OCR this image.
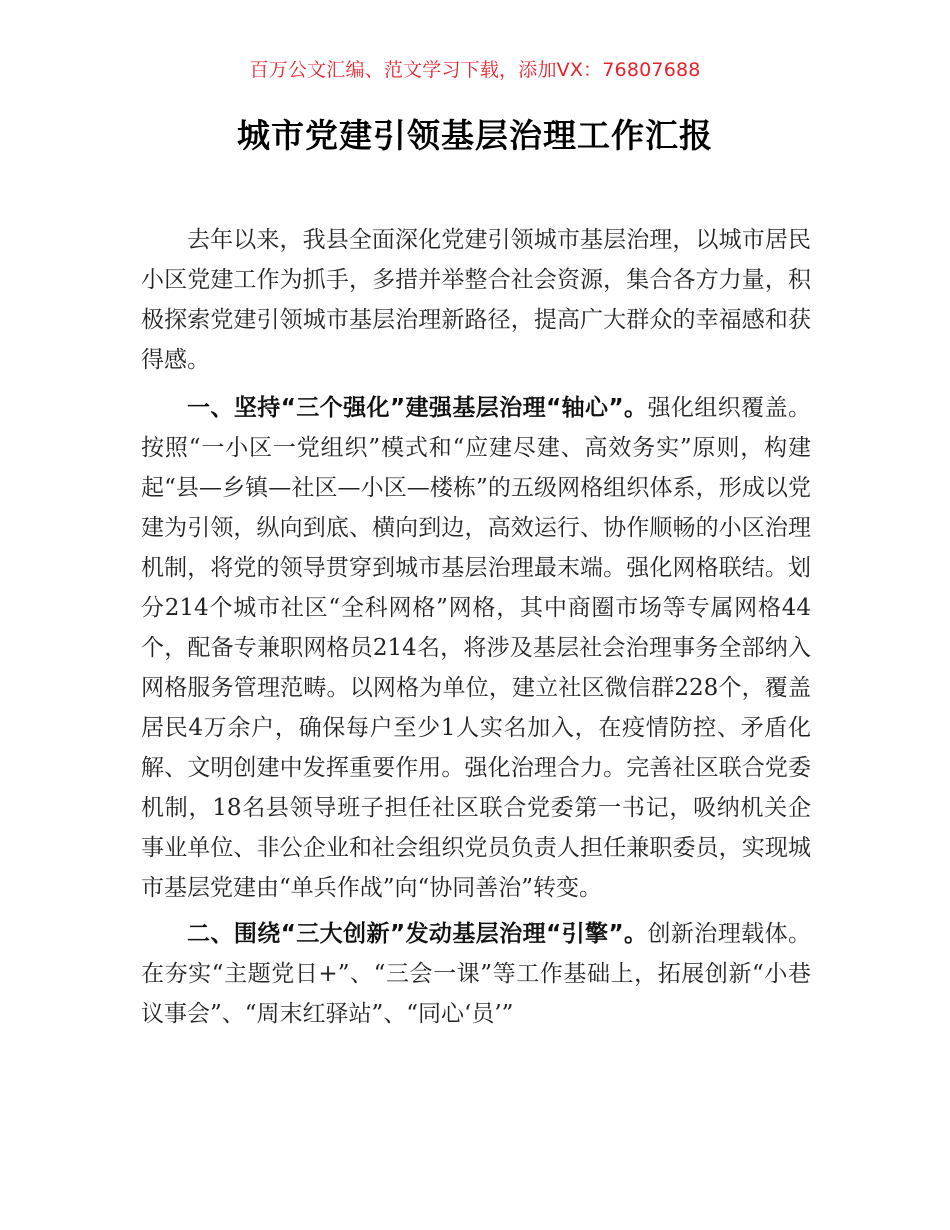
百万公文汇编、范文学习下载，添加VX：76807688
城市党建引领基层治理工作汇报

去年以来，我县全面深化党建引领城市基层治理，以城市居民小区党建工作为抓手，多措并举整合社会资源，集合各方力量，积极探索党建引领城市基层治理新路径，提高广大群众的幸福感和获得感。

一、坚持“三个强化”建强基层治理“轴心”。强化组织覆盖。按照“一小区一党组织”模式和“应建尽建、高效务实”原则，构建起“县—乡镇—社区—小区—楼栋”的五级网格组织体系，形成以党建为引领，纵向到底、横向到边，高效运行、协作顺畅的小区治理机制，将党的领导贯穿到城市基层治理最末端。强化网格联结。划分214个城市社区“全科网格”网格，其中商圈市场等专属网格44个，配备专兼职网格员214名，将涉及基层社会治理事务全部纳入网格服务管理范畴。以网格为单位，建立社区微信群228个，覆盖居民4万余户，确保每户至少1人实名加入，在疫情防控、矛盾化解、文明创建中发挥重要作用。强化治理合力。完善社区联合党委机制，18名县领导班子担任社区联合党委第一书记，吸纳机关企事业单位、非公企业和社会组织党员负责人担任兼职委员，实现城市基层党建由“单兵作战”向“协同善治”转变。

二、围绕“三大创新”发动基层治理“引擎”。创新治理载体。在夯实“主题党日+”、“三会一课”等工作基础上，拓展创新“小巷议事会”、“周末红驿站”、“同心‘员’”
